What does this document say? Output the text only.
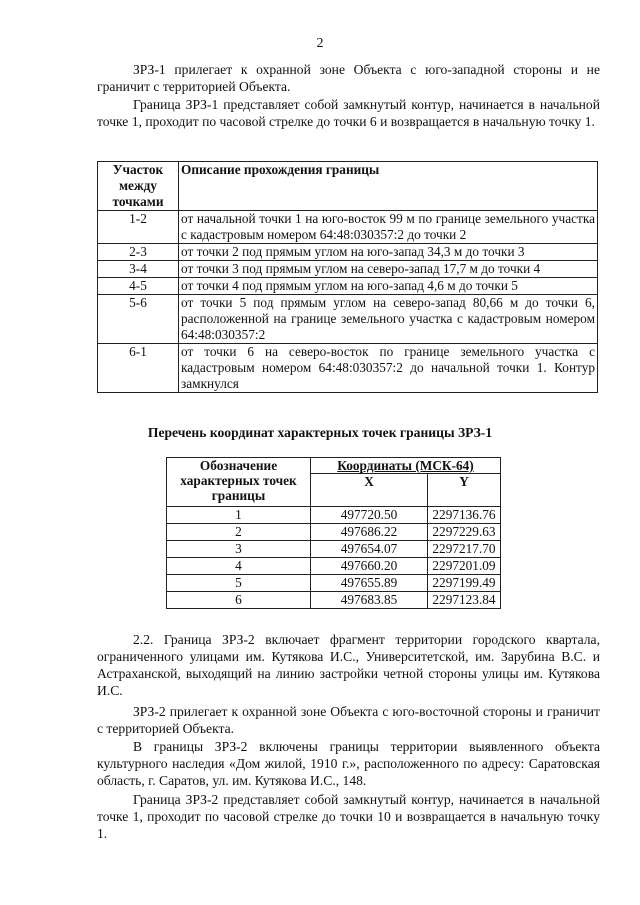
2

ЗРЗ-1 прилегает к охранной зоне Объекта с юго-западной стороны и не граничит с территорией Объекта.

Граница ЗРЗ-1 представляет собой замкнутый контур, начинается в начальной точке 1, проходит по часовой стрелке до точки 6 и возвращается в начальную точку 1.

Участок между точками	Описание прохождения границы
1-2	от начальной точки 1 на юго-восток 99 м по границе земельного участка с кадастровым номером 64:48:030357:2 до точки 2
2-3	от точки 2 под прямым углом на юго-запад 34,3 м до точки 3
3-4	от точки 3 под прямым углом на северо-запад 17,7 м до точки 4
4-5	от точки 4 под прямым углом на юго-запад 4,6 м до точки 5
5-6	от точки 5 под прямым углом на северо-запад 80,66 м до точки 6, расположенной на границе земельного участка с кадастровым номером 64:48:030357:2
6-1	от точки 6 на северо-восток по границе земельного участка с кадастровым номером 64:48:030357:2 до начальной точки 1. Контур замкнулся
Перечень координат характерных точек границы ЗРЗ-1
Обозначение характерных точек границы	Координаты (МСК-64)	
	X	Y
1	497720.50	2297136.76
2	497686.22	2297229.63
3	497654.07	2297217.70
4	497660.20	2297201.09
5	497655.89	2297199.49
6	497683.85	2297123.84

2.2. Граница ЗРЗ-2 включает фрагмент территории городского квартала, ограниченного улицами им. Кутякова И.С., Университетской, им. Зарубина В.С. и Астраханской, выходящий на линию застройки четной стороны улицы им. Кутякова И.С.

ЗРЗ-2 прилегает к охранной зоне Объекта с юго-восточной стороны и граничит с территорией Объекта.

В границы ЗРЗ-2 включены границы территории выявленного объекта культурного наследия «Дом жилой, 1910 г.», расположенного по адресу: Саратовская область, г. Саратов, ул. им. Кутякова И.С., 148.

Граница ЗРЗ-2 представляет собой замкнутый контур, начинается в начальной точке 1, проходит по часовой стрелке до точки 10 и возвращается в начальную точку 1.
